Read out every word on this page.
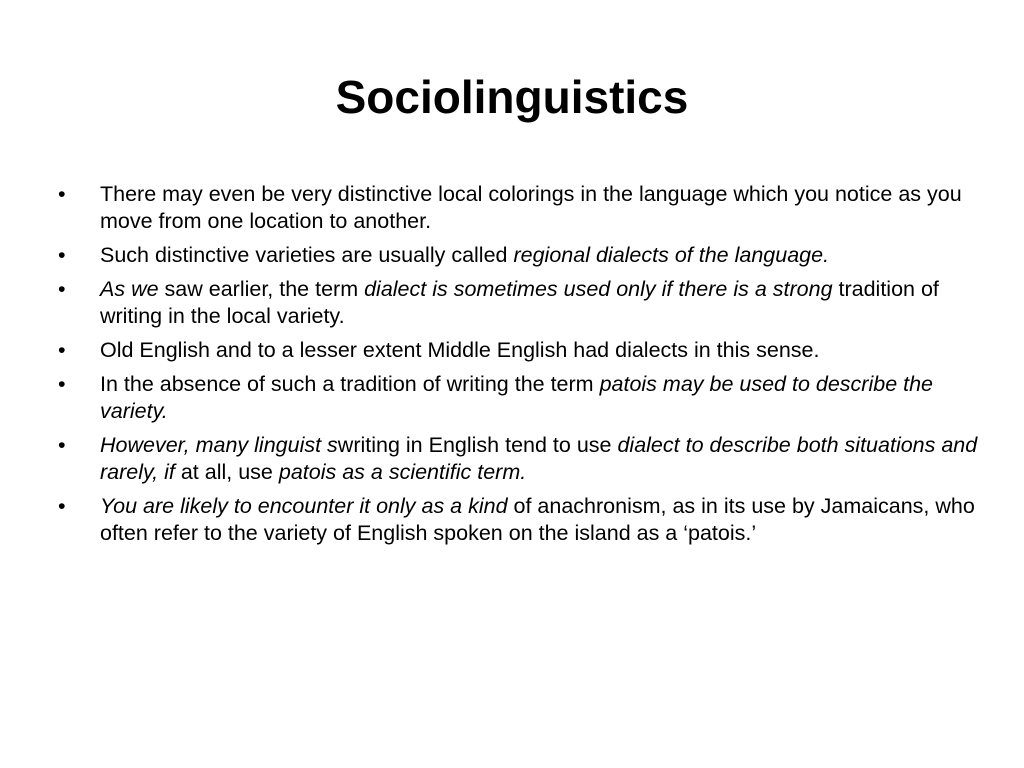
Sociolinguistics
•	There may even be very distinctive local colorings in the language which you notice as you move from one location to another.
•	Such distinctive varieties are usually called regional dialects of the language.
•	As we saw earlier, the term dialect is sometimes used only if there is a strong tradition of writing in the local variety.
•	Old English and to a lesser extent Middle English had dialects in this sense.
•	In the absence of such a tradition of writing the term patois may be used to describe the variety.
•	However, many linguist swriting in English tend to use dialect to describe both situations and rarely, if at all, use patois as a scientific term.
•	You are likely to encounter it only as a kind of anachronism, as in its use by Jamaicans, who often refer to the variety of English spoken on the island as a ‘patois.’
